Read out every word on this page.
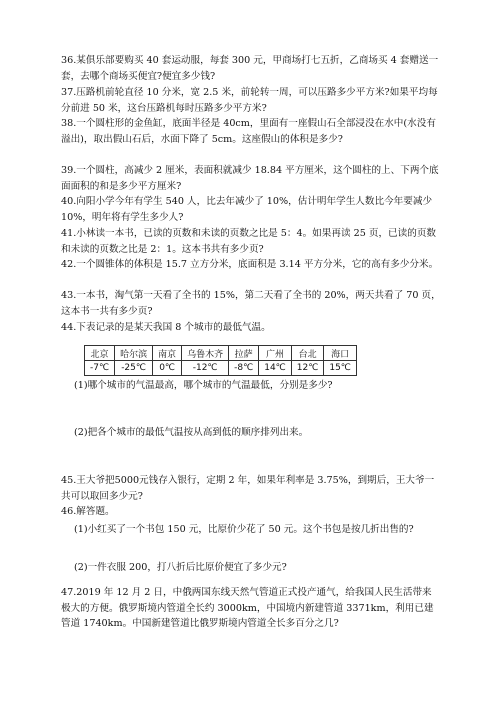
36.某俱乐部要购买 40 套运动服，每套 300 元，甲商场打七五折，乙商场买 4 套赠送一套，去哪个商场买便宜?便宜多少钱?
37.压路机前轮直径 10 分米，宽 2.5 米，前轮转一周，可以压路多少平方米?如果平均每分前进 50 米，这台压路机每时压路多少平方米?
38.一个圆柱形的金鱼缸，底面半径是 40cm，里面有一座假山石全部浸没在水中(水没有溢出)，取出假山石后，水面下降了 5cm。这座假山的体积是多少?
39.一个圆柱，高减少 2 厘米，表面积就减少 18.84 平方厘米，这个圆柱的上、下两个底面面积的和是多少平方厘米?
40.向阳小学今年有学生 540 人，比去年减少了 10%，估计明年学生人数比今年要减少 10%，明年将有学生多少人?
41.小林读一本书，已读的页数和未读的页数之比是 5：4。如果再读 25 页，已读的页数和未读的页数之比是 2：1。这本书共有多少页?
42.一个圆锥体的体积是 15.7 立方分米，底面积是 3.14 平方分米，它的高有多少分米。
43.一本书，淘气第一天看了全书的 15%，第二天看了全书的 20%，两天共看了 70 页，这本书一共有多少页?
44.下表记录的是某天我国 8 个城市的最低气温。
北京	哈尔滨	南京	乌鲁木齐	拉萨	广州	台北	海口
-7℃	-25℃	0℃	-12℃	-8℃	14℃	12℃	15℃
(1)哪个城市的气温最高，哪个城市的气温最低，分别是多少?
(2)把各个城市的最低气温按从高到低的顺序排列出来。
45.王大爷把5000元钱存入银行，定期 2 年，如果年利率是 3.75%，到期后，王大爷一共可以取回多少元?
46.解答题。
(1)小红买了一个书包 150 元，比原价少花了 50 元。这个书包是按几折出售的?
(2)一件衣服 200，打八折后比原价便宜了多少元?
47.2019 年 12 月 2 日，中俄两国东线天然气管道正式投产通气，给我国人民生活带来极大的方便。俄罗斯境内管道全长约 3000km，中国境内新建管道 3371km，利用已建管道 1740km。中国新建管道比俄罗斯境内管道全长多百分之几?
